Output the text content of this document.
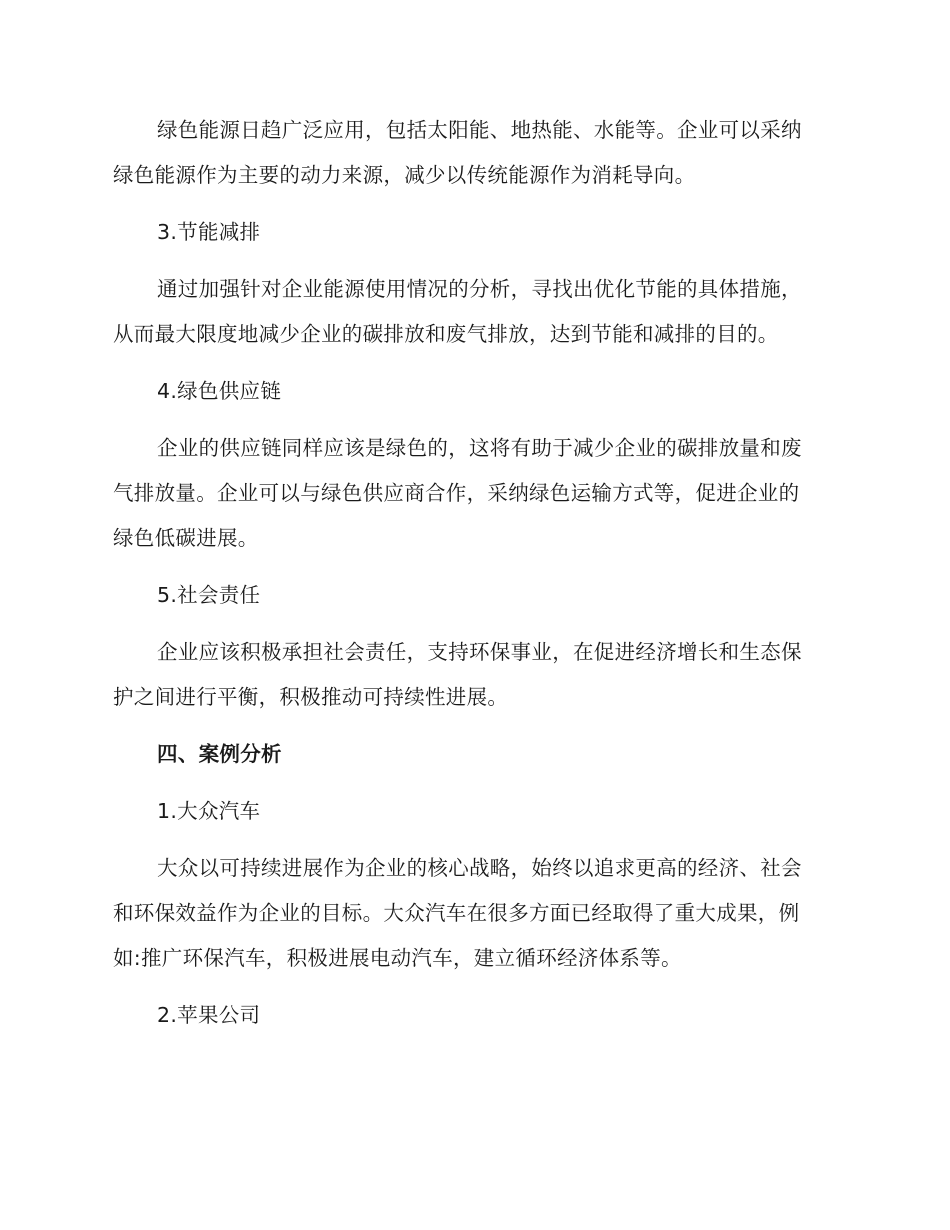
绿色能源日趋广泛应用，包括太阳能、地热能、水能等。企业可以采纳
绿色能源作为主要的动力来源，减少以传统能源作为消耗导向。
3.节能减排
通过加强针对企业能源使用情况的分析，寻找出优化节能的具体措施，
从而最大限度地减少企业的碳排放和废气排放，达到节能和减排的目的。
4.绿色供应链
企业的供应链同样应该是绿色的，这将有助于减少企业的碳排放量和废
气排放量。企业可以与绿色供应商合作，采纳绿色运输方式等，促进企业的
绿色低碳进展。
5.社会责任
企业应该积极承担社会责任，支持环保事业，在促进经济增长和生态保
护之间进行平衡，积极推动可持续性进展。
四、案例分析
1.大众汽车
大众以可持续进展作为企业的核心战略，始终以追求更高的经济、社会
和环保效益作为企业的目标。大众汽车在很多方面已经取得了重大成果，例
如:推广环保汽车，积极进展电动汽车，建立循环经济体系等。
2.苹果公司
